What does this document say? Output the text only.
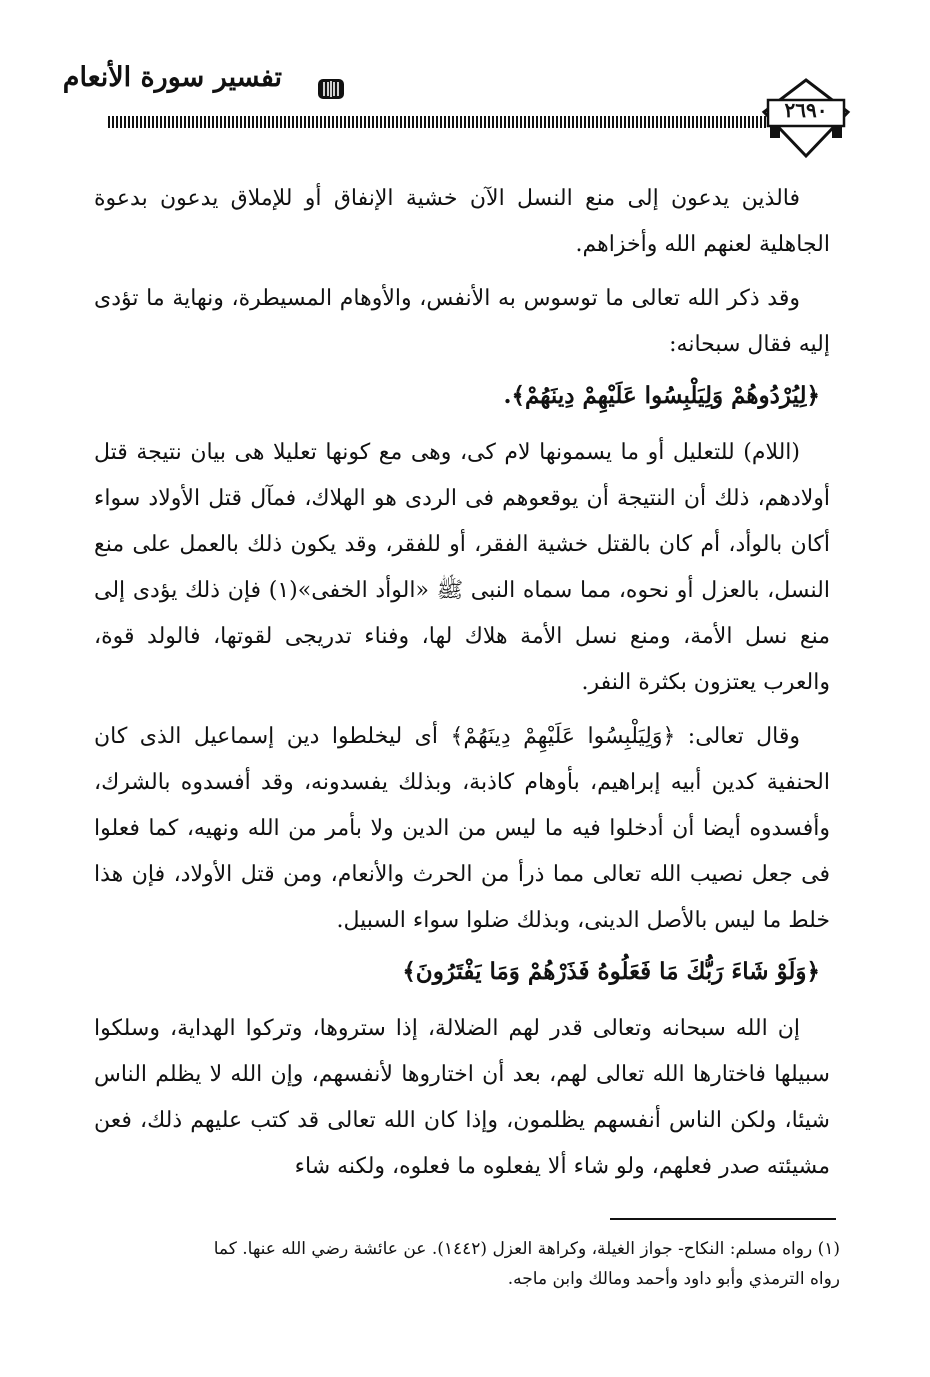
تفسير سورة الأنعام
٢٦٩٠

فالذين يدعون إلى منع النسل الآن خشية الإنفاق أو للإملاق يدعون بدعوة الجاهلية لعنهم الله وأخزاهم.

وقد ذكر الله تعالى ما توسوس به الأنفس، والأوهام المسيطرة، ونهاية ما تؤدى إليه فقال سبحانه:

﴿لِيُرْدُوهُمْ وَلِيَلْبِسُوا عَلَيْهِمْ دِينَهُمْ﴾.

(اللام) للتعليل أو ما يسمونها لام كى، وهى مع كونها تعليلا هى بيان نتيجة قتل أولادهم، ذلك أن النتيجة أن يوقعوهم فى الردى هو الهلاك، فمآل قتل الأولاد سواء أكان بالوأد، أم كان بالقتل خشية الفقر، أو للفقر، وقد يكون ذلك بالعمل على منع النسل، بالعزل أو نحوه، مما سماه النبى ﷺ «الوأد الخفى»(١) فإن ذلك يؤدى إلى منع نسل الأمة، ومنع نسل الأمة هلاك لها، وفناء تدريجى لقوتها، فالولد قوة، والعرب يعتزون بكثرة النفر.

وقال تعالى: ﴿وَلِيَلْبِسُوا عَلَيْهِمْ دِينَهُمْ﴾ أى ليخلطوا دين إسماعيل الذى كان الحنفية كدين أبيه إبراهيم، بأوهام كاذبة، وبذلك يفسدونه، وقد أفسدوه بالشرك، وأفسدوه أيضا أن أدخلوا فيه ما ليس من الدين ولا بأمر من الله ونهيه، كما فعلوا فى جعل نصيب الله تعالى مما ذرأ من الحرث والأنعام، ومن قتل الأولاد، فإن هذا خلط ما ليس بالأصل الدينى، وبذلك ضلوا سواء السبيل.

﴿وَلَوْ شَاءَ رَبُّكَ مَا فَعَلُوهُ فَذَرْهُمْ وَمَا يَفْتَرُونَ﴾

إن الله سبحانه وتعالى قدر لهم الضلالة، إذا ستروها، وتركوا الهداية، وسلكوا سبيلها فاختارها الله تعالى لهم، بعد أن اختاروها لأنفسهم، وإن الله لا يظلم الناس شيئا، ولكن الناس أنفسهم يظلمون، وإذا كان الله تعالى قد كتب عليهم ذلك، فعن مشيئته صدر فعلهم، ولو شاء ألا يفعلوه ما فعلوه، ولكنه شاء

(١) رواه مسلم: النكاح- جواز الغيلة، وكراهة العزل (١٤٤٢). عن عائشة رضي الله عنها. كما
رواه الترمذي وأبو داود وأحمد ومالك وابن ماجه.
